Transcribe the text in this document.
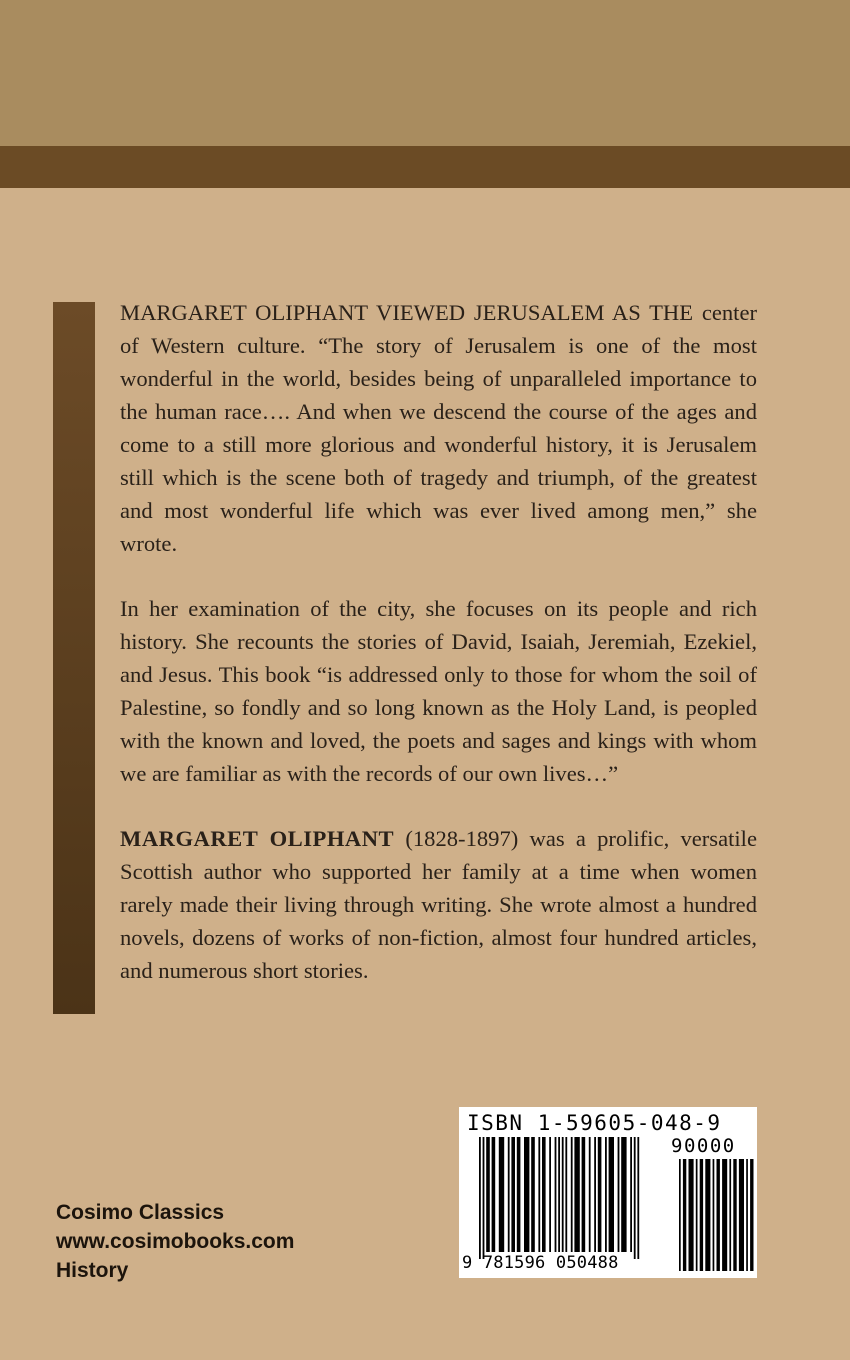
MARGARET OLIPHANT VIEWED JERUSALEM AS THE center of Western culture. “The story of Jerusalem is one of the most wonderful in the world, besides being of unparalleled importance to the human race…. And when we descend the course of the ages and come to a still more glorious and wonderful history, it is Jerusalem still which is the scene both of tragedy and triumph, of the greatest and most wonderful life which was ever lived among men,” she wrote.

In her examination of the city, she focuses on its people and rich history. She recounts the stories of David, Isaiah, Jeremiah, Ezekiel, and Jesus. This book “is addressed only to those for whom the soil of Palestine, so fondly and so long known as the Holy Land, is peopled with the known and loved, the poets and sages and kings with whom we are familiar as with the records of our own lives…”

MARGARET OLIPHANT (1828-1897) was a prolific, versatile Scottish author who supported her family at a time when women rarely made their living through writing. She wrote almost a hundred novels, dozens of works of non-fiction, almost four hundred articles, and numerous short stories.

Cosimo Classics
www.cosimobooks.com
History
ISBN 1-59605-048-9
90000
9 781596 050488
